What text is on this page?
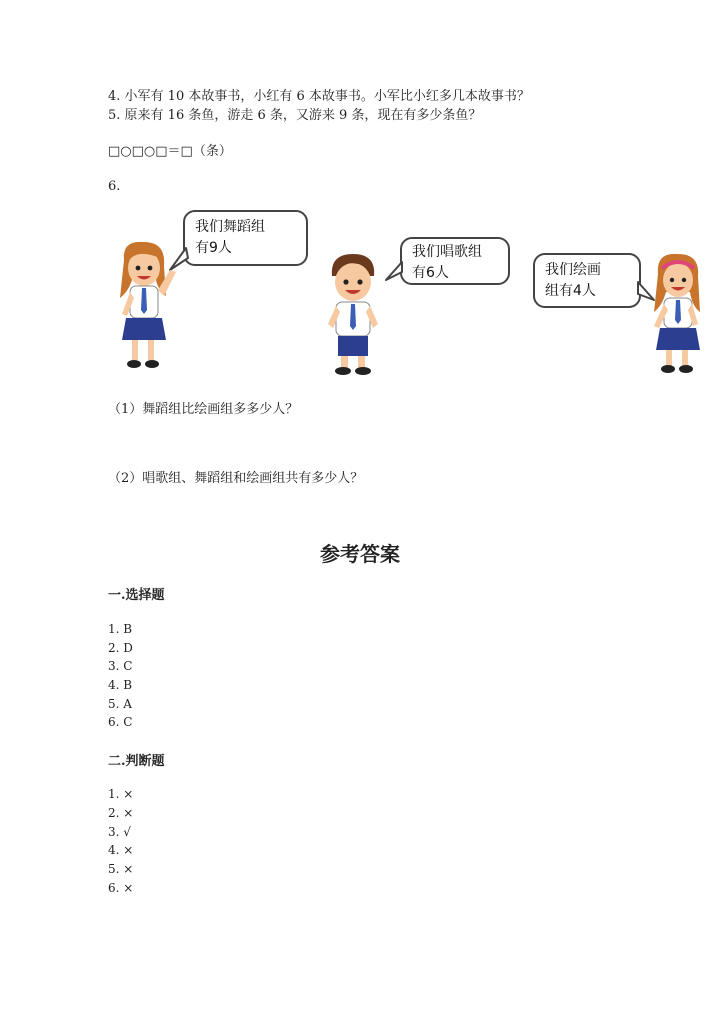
4. 小军有 10 本故事书，小红有 6 本故事书。小军比小红多几本故事书？
5. 原来有 16 条鱼，游走 6 条，又游来 9 条，现在有多少条鱼？
□○□○□＝□（条）
6.
我们舞蹈组
有9人	我们唱歌组
有6人	我们绘画
组有4人
（1）舞蹈组比绘画组多多少人？
（2）唱歌组、舞蹈组和绘画组共有多少人？
参考答案
一.选择题
1. B
2. D
3. C
4. B
5. A
6. C
二.判断题
1. ×
2. ×
3. √
4. ×
5. ×
6. ×
